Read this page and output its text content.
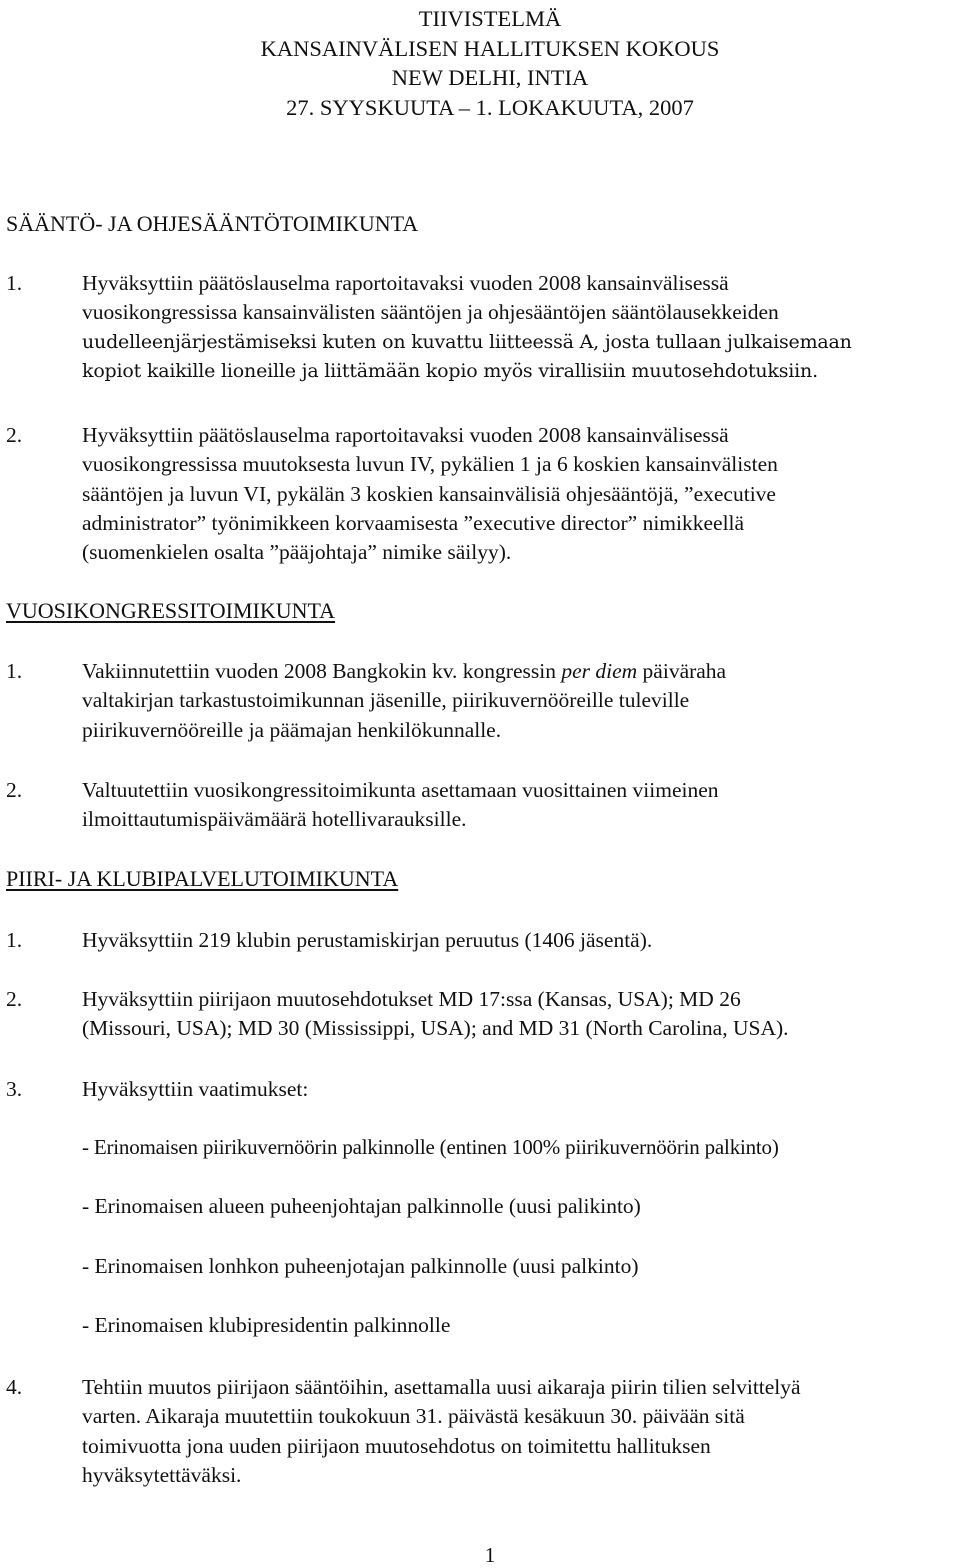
TIIVISTELMÄ
KANSAINVÄLISEN HALLITUKSEN KOKOUS
NEW DELHI, INTIA
27. SYYSKUUTA – 1. LOKAKUUTA, 2007
SÄÄNTÖ- JA OHJESÄÄNTÖTOIMIKUNTA
1.	Hyväksyttiin päätöslauselma raportoitavaksi vuoden 2008 kansainvälisessä
vuosikongressissa kansainvälisten sääntöjen ja ohjesääntöjen sääntölausekkeiden
uudelleenjärjestämiseksi kuten on kuvattu liitteessä A, josta tullaan julkaisemaan
kopiot kaikille lioneille ja liittämään kopio myös virallisiin muutosehdotuksiin.
2.	Hyväksyttiin päätöslauselma raportoitavaksi vuoden 2008 kansainvälisessä
vuosikongressissa muutoksesta luvun IV, pykälien 1 ja 6 koskien kansainvälisten
sääntöjen ja luvun VI, pykälän 3 koskien kansainvälisiä ohjesääntöjä, ”executive
administrator” työnimikkeen korvaamisesta ”executive director” nimikkeellä
(suomenkielen osalta ”pääjohtaja” nimike säilyy).
VUOSIKONGRESSITOIMIKUNTA
1.	Vakiinnutettiin vuoden 2008 Bangkokin kv. kongressin per diem päiväraha
valtakirjan tarkastustoimikunnan jäsenille, piirikuvernööreille tuleville
piirikuvernööreille ja päämajan henkilökunnalle.
2.	Valtuutettiin vuosikongressitoimikunta asettamaan vuosittainen viimeinen
ilmoittautumispäivämäärä hotellivarauksille.
PIIRI- JA KLUBIPALVELUTOIMIKUNTA
1.	Hyväksyttiin 219 klubin perustamiskirjan peruutus (1406 jäsentä).
2.	Hyväksyttiin piirijaon muutosehdotukset MD 17:ssa (Kansas, USA); MD 26
(Missouri, USA); MD 30 (Mississippi, USA); and MD 31 (North Carolina, USA).
3.	Hyväksyttiin vaatimukset:
- Erinomaisen piirikuvernöörin palkinnolle (entinen 100% piirikuvernöörin palkinto)
- Erinomaisen alueen puheenjohtajan palkinnolle (uusi palikinto)
- Erinomaisen lonhkon puheenjotajan palkinnolle (uusi palkinto)
- Erinomaisen klubipresidentin palkinnolle
4.	Tehtiin muutos piirijaon sääntöihin, asettamalla uusi aikaraja piirin tilien selvittelyä
varten. Aikaraja muutettiin toukokuun 31. päivästä kesäkuun 30. päivään sitä
toimivuotta jona uuden piirijaon muutosehdotus on toimitettu hallituksen
hyväksytettäväksi.
1
